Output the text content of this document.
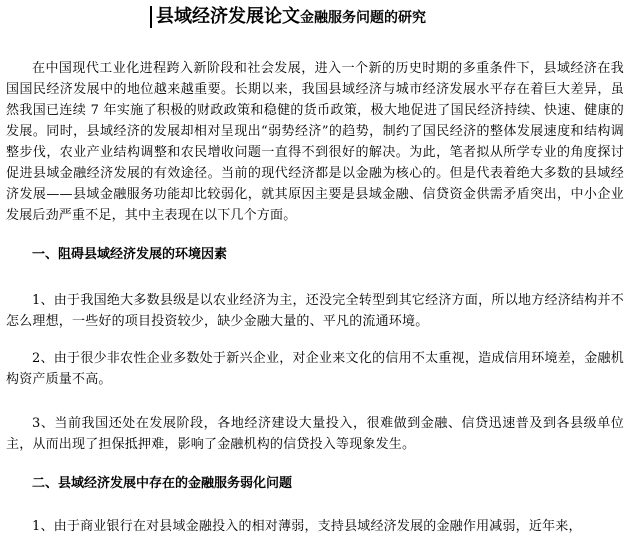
县域经济发展论文金融服务问题的研究
在中国现代工业化进程跨入新阶段和社会发展，进入一个新的历史时期的多重条件下，县域经济在我国国民经济发展中的地位越来越重要。长期以来，我国县域经济与城市经济发展水平存在着巨大差异，虽然我国已连续 7 年实施了积极的财政政策和稳健的货币政策，极大地促进了国民经济持续、快速、健康的发展。同时，县域经济的发展却相对呈现出“弱势经济”的趋势，制约了国民经济的整体发展速度和结构调整步伐，农业产业结构调整和农民增收问题一直得不到很好的解决。为此，笔者拟从所学专业的角度探讨促进县域金融经济发展的有效途径。当前的现代经济都是以金融为核心的。但是代表着绝大多数的县域经济发展——县域金融服务功能却比较弱化，就其原因主要是县域金融、信贷资金供需矛盾突出，中小企业发展后劲严重不足，其中主表现在以下几个方面。
一、阻碍县域经济发展的环境因素
1、由于我国绝大多数县级是以农业经济为主，还没完全转型到其它经济方面，所以地方经济结构并不怎么理想，一些好的项目投资较少，缺少金融大量的、平凡的流通环境。
2、由于很少非农性企业多数处于新兴企业，对企业来文化的信用不太重视，造成信用环境差，金融机构资产质量不高。
3、当前我国还处在发展阶段，各地经济建设大量投入，很难做到金融、信贷迅速普及到各县级单位主，从而出现了担保抵押难，影响了金融机构的信贷投入等现象发生。
二、县域经济发展中存在的金融服务弱化问题
1、由于商业银行在对县域金融投入的相对薄弱，支持县域经济发展的金融作用减弱，近年来，
